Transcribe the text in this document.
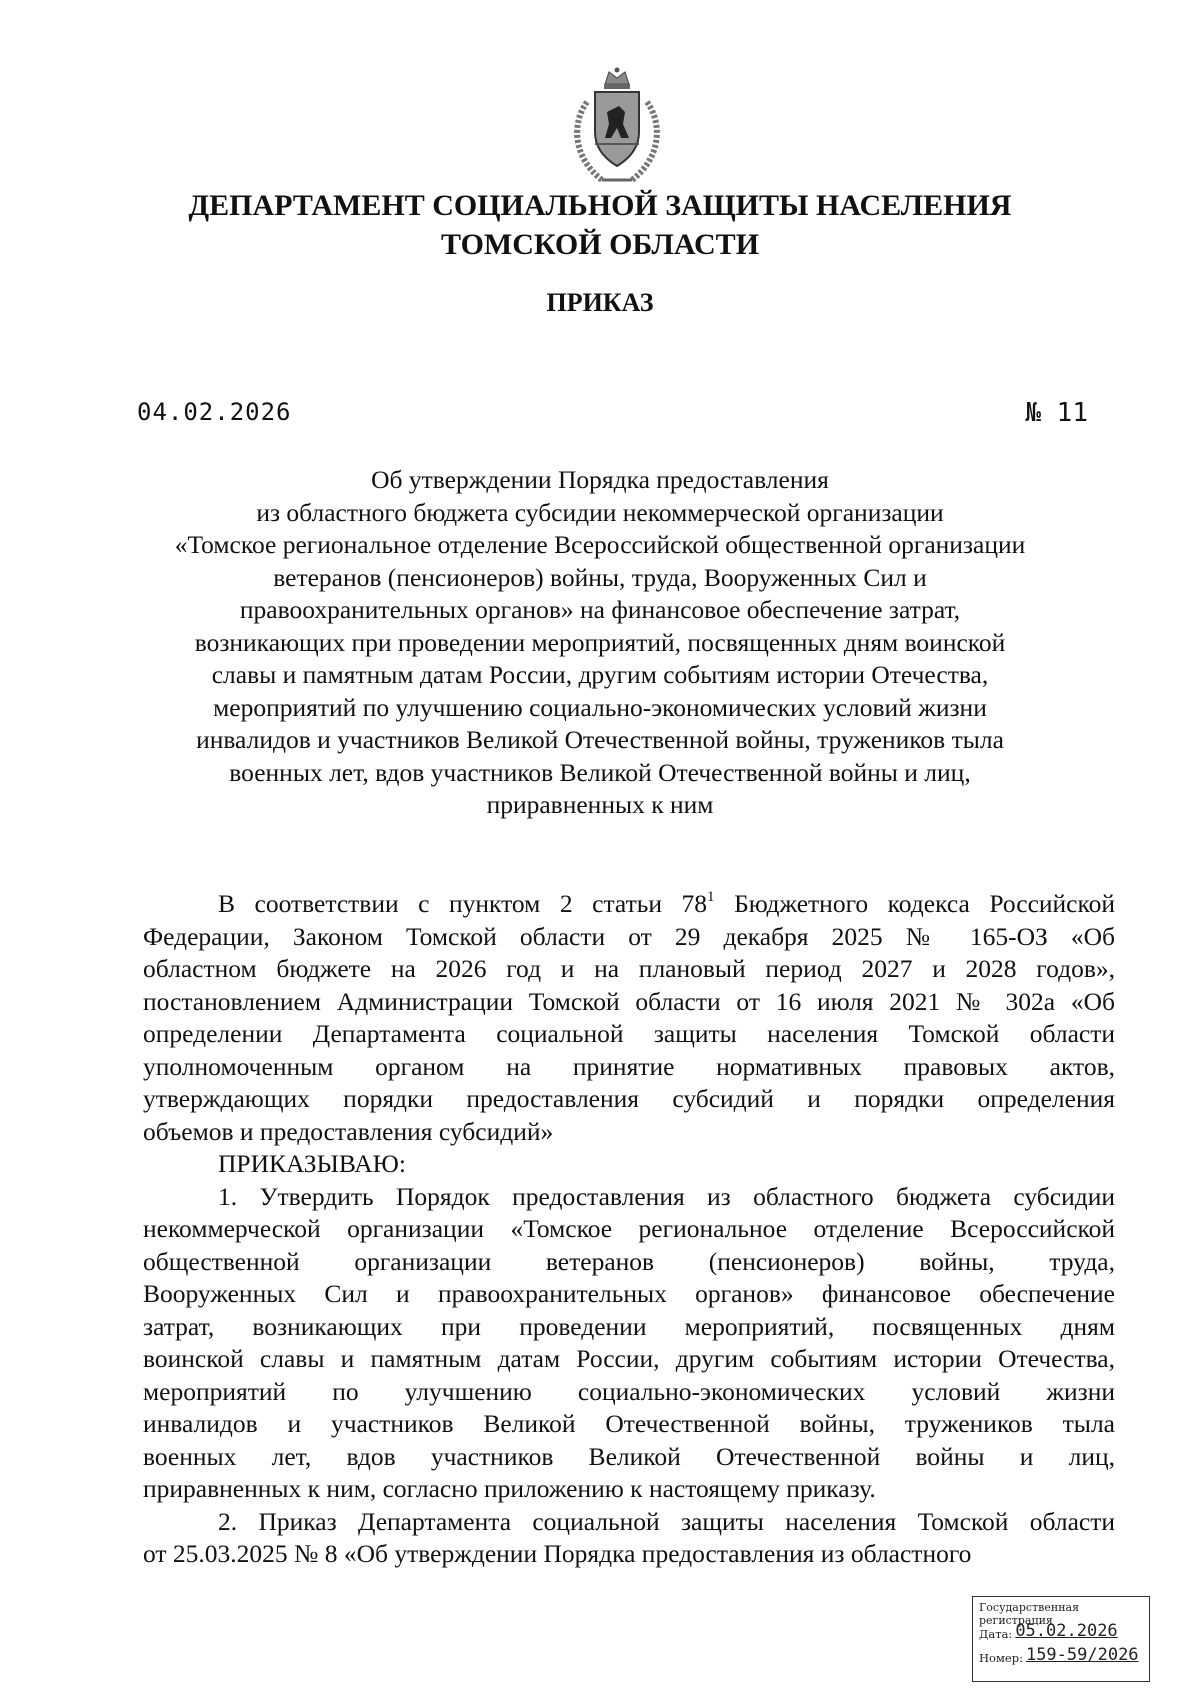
ДЕПАРТАМЕНТ СОЦИАЛЬНОЙ ЗАЩИТЫ НАСЕЛЕНИЯ
ТОМСКОЙ ОБЛАСТИ
ПРИКАЗ
04.02.2026	№ 11
Об утверждении Порядка предоставления
из областного бюджета субсидии некоммерческой организации
«Томское региональное отделение Всероссийской общественной организации
ветеранов (пенсионеров) войны, труда, Вооруженных Сил и
правоохранительных органов» на финансовое обеспечение затрат,
возникающих при проведении мероприятий, посвященных дням воинской
славы и памятным датам России, другим событиям истории Отечества,
мероприятий по улучшению социально-экономических условий жизни
инвалидов и участников Великой Отечественной войны, тружеников тыла
военных лет, вдов участников Великой Отечественной войны и лиц,
приравненных к ним
В соответствии с пунктом 2 статьи $78^1$ Бюджетного кодекса Российской
Федерации, Законом Томской области от 29 декабря 2025 № 165-ОЗ «Об
областном бюджете на 2026 год и на плановый период 2027 и 2028 годов»,
постановлением Администрации Томской области от 16 июля 2021 № 302а «Об
определении Департамента социальной защиты населения Томской области
уполномоченным органом на принятие нормативных правовых актов,
утверждающих порядки предоставления субсидий и порядки определения
объемов и предоставления субсидий»
ПРИКАЗЫВАЮ:
1. Утвердить Порядок предоставления из областного бюджета субсидии
некоммерческой организации «Томское региональное отделение Всероссийской
общественной организации ветеранов (пенсионеров) войны, труда,
Вооруженных Сил и правоохранительных органов» финансовое обеспечение
затрат, возникающих при проведении мероприятий, посвященных дням
воинской славы и памятным датам России, другим событиям истории Отечества,
мероприятий по улучшению социально-экономических условий жизни
инвалидов и участников Великой Отечественной войны, тружеников тыла
военных лет, вдов участников Великой Отечественной войны и лиц,
приравненных к ним, согласно приложению к настоящему приказу.
2. Приказ Департамента социальной защиты населения Томской области
от 25.03.2025 № 8 «Об утверждении Порядка предоставления из областного
Государственная регистрация
Дата: 05.02.2026
Номер: 159-59/2026
